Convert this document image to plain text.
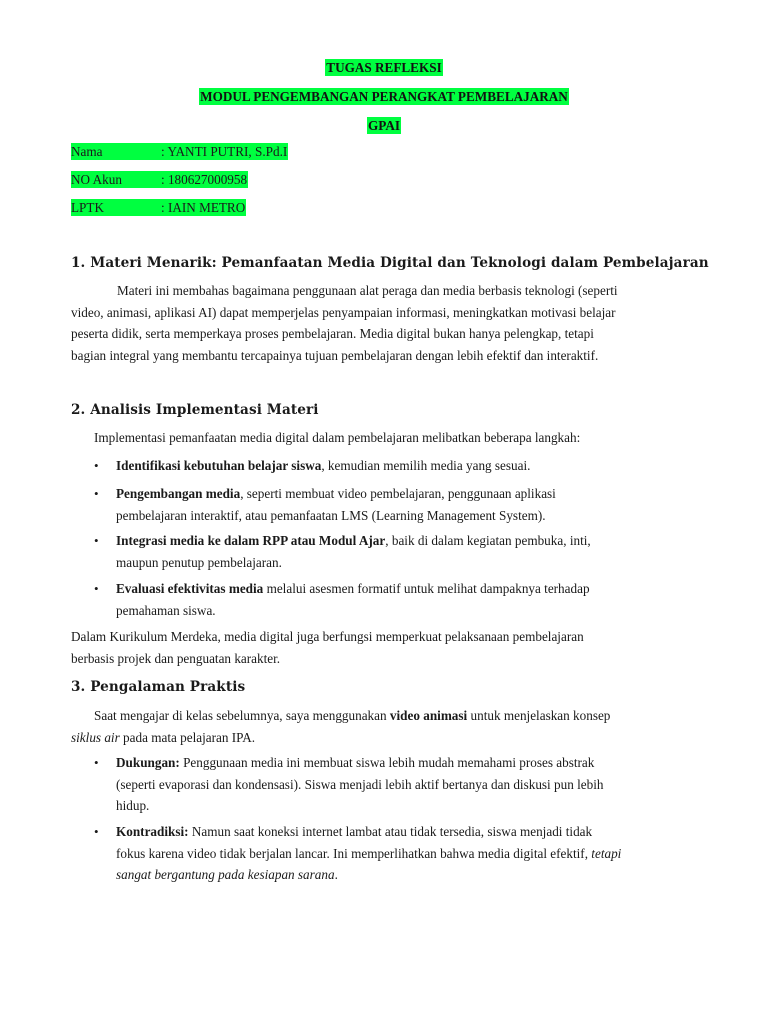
TUGAS REFLEKSI
MODUL PENGEMBANGAN PERANGKAT PEMBELAJARAN
GPAI
Nama	: YANTI PUTRI, S.Pd.I
NO Akun	: 180627000958
LPTK	: IAIN METRO
1. Materi Menarik: Pemanfaatan Media Digital dan Teknologi dalam Pembelajaran
Materi ini membahas bagaimana penggunaan alat peraga dan media berbasis teknologi (seperti
video, animasi, aplikasi AI) dapat memperjelas penyampaian informasi, meningkatkan motivasi belajar
peserta didik, serta memperkaya proses pembelajaran. Media digital bukan hanya pelengkap, tetapi
bagian integral yang membantu tercapainya tujuan pembelajaran dengan lebih efektif dan interaktif.
2. Analisis Implementasi Materi

Implementasi pemanfaatan media digital dalam pembelajaran melibatkan beberapa langkah:

• Identifikasi kebutuhan belajar siswa, kemudian memilih media yang sesuai.
• Pengembangan media, seperti membuat video pembelajaran, penggunaan aplikasi
pembelajaran interaktif, atau pemanfaatan LMS (Learning Management System).
• Integrasi media ke dalam RPP atau Modul Ajar, baik di dalam kegiatan pembuka, inti,
maupun penutup pembelajaran.
• Evaluasi efektivitas media melalui asesmen formatif untuk melihat dampaknya terhadap
pemahaman siswa.
Dalam Kurikulum Merdeka, media digital juga berfungsi memperkuat pelaksanaan pembelajaran
berbasis projek dan penguatan karakter.
3. Pengalaman Praktis
Saat mengajar di kelas sebelumnya, saya menggunakan video animasi untuk menjelaskan konsep
siklus air pada mata pelajaran IPA.
• Dukungan: Penggunaan media ini membuat siswa lebih mudah memahami proses abstrak
(seperti evaporasi dan kondensasi). Siswa menjadi lebih aktif bertanya dan diskusi pun lebih
hidup.
• Kontradiksi: Namun saat koneksi internet lambat atau tidak tersedia, siswa menjadi tidak
fokus karena video tidak berjalan lancar. Ini memperlihatkan bahwa media digital efektif, tetapi
sangat bergantung pada kesiapan sarana.
